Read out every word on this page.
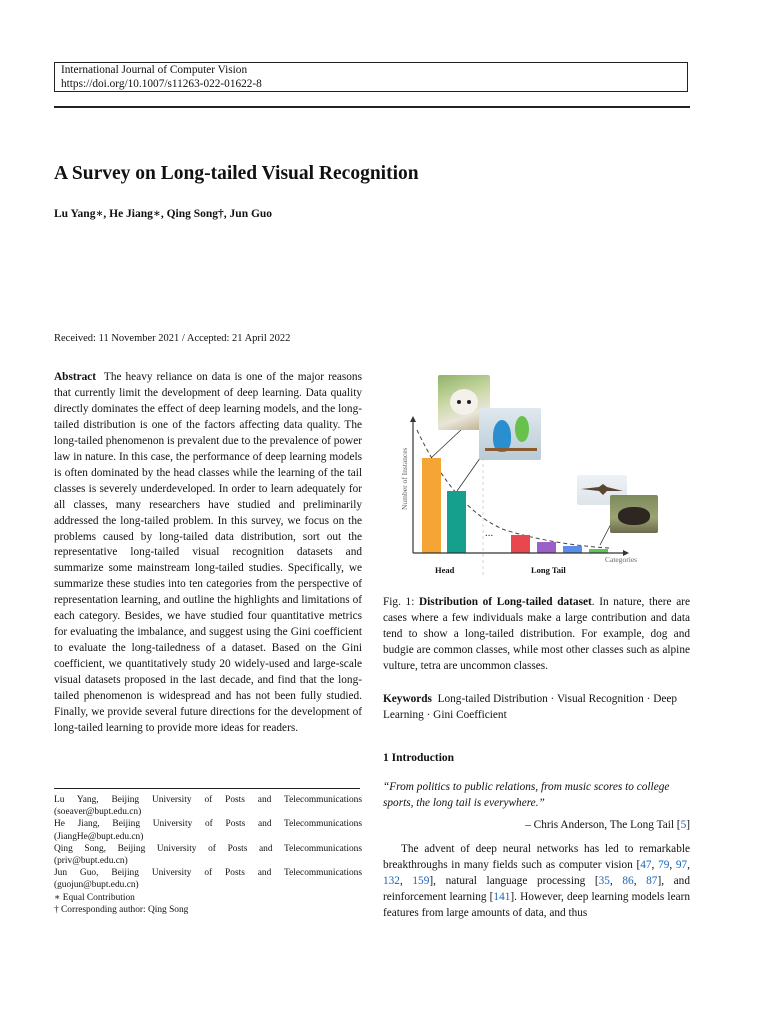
International Journal of Computer Vision
https://doi.org/10.1007/s11263-022-01622-8
A Survey on Long-tailed Visual Recognition
Lu Yang∗, He Jiang∗, Qing Song†, Jun Guo
Received: 11 November 2021 / Accepted: 21 April 2022

Abstract The heavy reliance on data is one of the major reasons that currently limit the development of deep learning. Data quality directly dominates the effect of deep learning models, and the long-tailed distribution is one of the factors affecting data quality. The long-tailed phenomenon is prevalent due to the prevalence of power law in nature. In this case, the performance of deep learning models is often dominated by the head classes while the learning of the tail classes is severely underdeveloped. In order to learn adequately for all classes, many researchers have studied and preliminarily addressed the long-tailed problem. In this survey, we focus on the problems caused by long-tailed data distribution, sort out the representative long-tailed visual recognition datasets and summarize some mainstream long-tailed studies. Specifically, we summarize these studies into ten categories from the perspective of representation learning, and outline the highlights and limitations of each category. Besides, we have studied four quantitative metrics for evaluating the imbalance, and suggest using the Gini coefficient to evaluate the long-tailedness of a dataset. Based on the Gini coefficient, we quantitatively study 20 widely-used and large-scale visual datasets proposed in the last decade, and find that the long-tailed phenomenon is widespread and has not been fully studied. Finally, we provide several future directions for the development of long-tailed learning to provide more ideas for readers.

Lu Yang, Beijing University of Posts and Telecommunications (soeaver@bupt.edu.cn)

He Jiang, Beijing University of Posts and Telecommunications (JiangHe@bupt.edu.cn)

Qing Song, Beijing University of Posts and Telecommunications (priv@bupt.edu.cn)

Jun Guo, Beijing University of Posts and Telecommunications (guojun@bupt.edu.cn)

∗ Equal Contribution

† Corresponding author: Qing Song

Number of Instances
Categories
...
Head	Long Tail

Fig. 1: Distribution of Long-tailed dataset. In nature, there are cases where a few individuals make a large contribution and data tend to show a long-tailed distribution. For example, dog and budgie are common classes, while most other classes such as alpine vulture, tetra are uncommon classes.

Keywords Long-tailed Distribution · Visual Recognition · Deep Learning · Gini Coefficient

1 Introduction
“From politics to public relations, from music scores to college sports, the long tail is everywhere.”
– Chris Anderson, The Long Tail [5]

The advent of deep neural networks has led to remarkable breakthroughs in many fields such as computer vision [47, 79, 97, 132, 159], natural language processing [35, 86, 87], and reinforcement learning [141]. However, deep learning models learn features from large amounts of data, and thus
